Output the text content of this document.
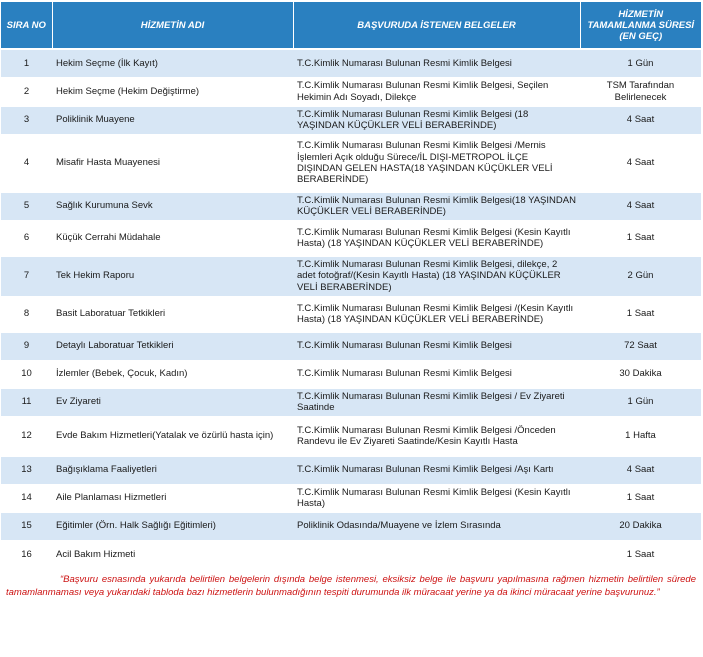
SIRA NO	HİZMETİN ADI	BAŞVURUDA İSTENEN BELGELER	HİZMETİN TAMAMLANMA SÜRESİ (EN GEÇ)
1	Hekim Seçme (İlk Kayıt)	T.C.Kimlik Numarası Bulunan Resmi Kimlik Belgesi	1 Gün
2	Hekim Seçme (Hekim Değiştirme)	T.C.Kimlik Numarası Bulunan Resmi Kimlik Belgesi, Seçilen Hekimin Adı Soyadı, Dilekçe	TSM Tarafından Belirlenecek
3	Poliklinik Muayene	T.C.Kimlik Numarası Bulunan Resmi Kimlik Belgesi (18 YAŞINDAN KÜÇÜKLER VELİ BERABERİNDE)	4 Saat
4	Misafir Hasta Muayenesi	T.C.Kimlik Numarası Bulunan Resmi Kimlik Belgesi /Mernis İşlemleri Açık olduğu Sürece/İL DIŞI-METROPOL İLÇE DIŞINDAN GELEN HASTA(18 YAŞINDAN KÜÇÜKLER VELİ BERABERİNDE)	4 Saat
5	Sağlık Kurumuna Sevk	T.C.Kimlik Numarası Bulunan Resmi Kimlik Belgesi(18 YAŞINDAN KÜÇÜKLER VELİ BERABERİNDE)	4 Saat
6	Küçük Cerrahi Müdahale	T.C.Kimlik Numarası Bulunan Resmi Kimlik Belgesi (Kesin Kayıtlı Hasta) (18 YAŞINDAN KÜÇÜKLER VELİ BERABERİNDE)	1 Saat
7	Tek Hekim Raporu	T.C.Kimlik Numarası Bulunan Resmi Kimlik Belgesi, dilekçe, 2 adet fotoğraf/(Kesin Kayıtlı Hasta) (18 YAŞINDAN KÜÇÜKLER VELİ BERABERİNDE)	2 Gün
8	Basit Laboratuar Tetkikleri	T.C.Kimlik Numarası Bulunan Resmi Kimlik Belgesi /(Kesin Kayıtlı Hasta) (18 YAŞINDAN KÜÇÜKLER VELİ BERABERİNDE)	1 Saat
9	Detaylı Laboratuar Tetkikleri	T.C.Kimlik Numarası Bulunan Resmi Kimlik Belgesi	72 Saat
10	İzlemler (Bebek, Çocuk, Kadın)	T.C.Kimlik Numarası Bulunan Resmi Kimlik Belgesi	30 Dakika
11	Ev Ziyareti	T.C.Kimlik Numarası Bulunan Resmi Kimlik Belgesi / Ev Ziyareti Saatinde	1 Gün
12	Evde Bakım Hizmetleri(Yatalak ve özürlü hasta için)	T.C.Kimlik Numarası Bulunan Resmi Kimlik Belgesi /Önceden Randevu ile Ev Ziyareti Saatinde/Kesin Kayıtlı Hasta	1 Hafta
13	Bağışıklama Faaliyetleri	T.C.Kimlik Numarası Bulunan Resmi Kimlik Belgesi /Aşı Kartı	4 Saat
14	Aile Planlaması Hizmetleri	T.C.Kimlik Numarası Bulunan Resmi Kimlik Belgesi (Kesin Kayıtlı Hasta)	1 Saat
15	Eğitimler (Örn. Halk Sağlığı Eğitimleri)	Poliklinik Odasında/Muayene ve İzlem Sırasında	20 Dakika
16	Acil Bakım Hizmeti		1 Saat
“Başvuru esnasında yukarıda belirtilen belgelerin dışında belge istenmesi, eksiksiz belge ile başvuru yapılmasına rağmen hizmetin belirtilen sürede tamamlanmaması veya yukarıdaki tabloda bazı hizmetlerin bulunmadığının tespiti durumunda ilk müracaat yerine ya da ikinci müracaat yerine başvurunuz.”
